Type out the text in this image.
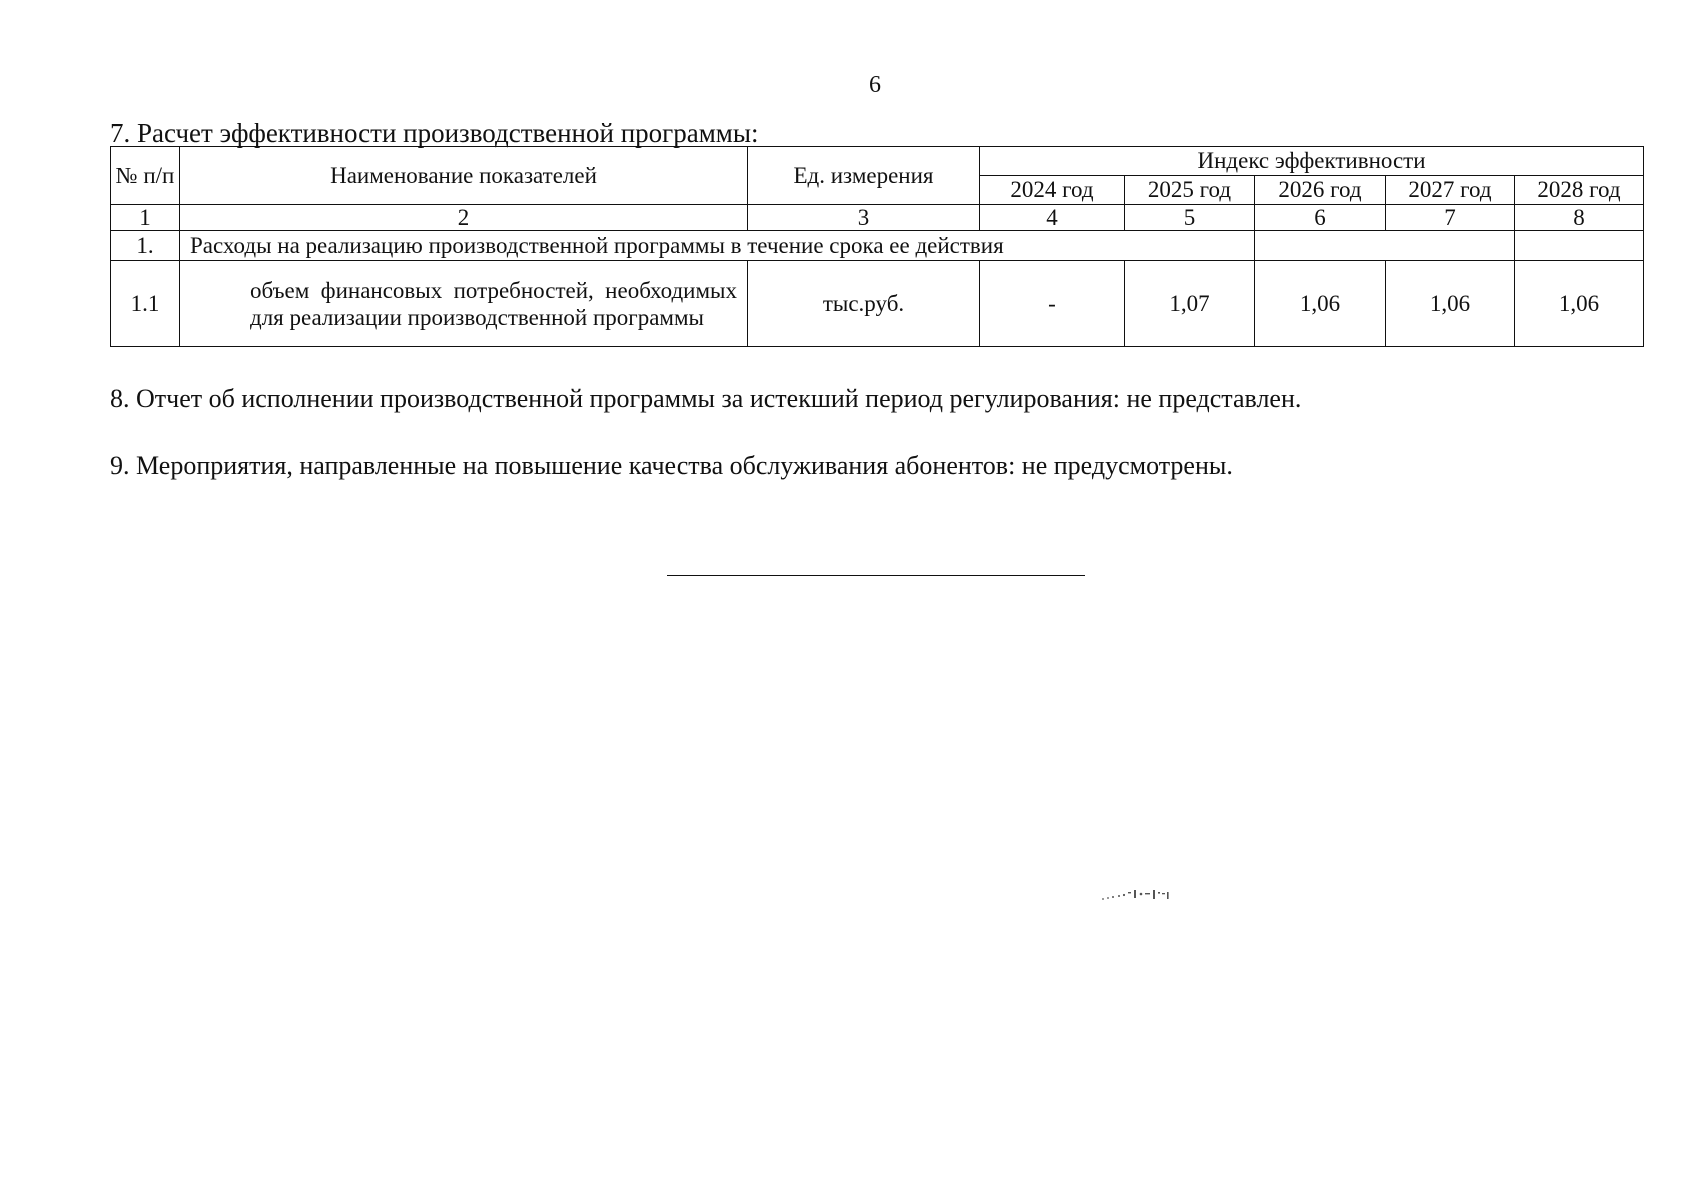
6
7. Расчет эффективности производственной программы:
№ п/п	Наименование показателей	Ед. измерения	Индекс эффективности				
			2024 год	2025 год	2026 год	2027 год	2028 год
1	2	3	4	5	6	7	8
1.	Расходы на реализацию производственной программы в течение срока ее действия						
1.1	объем финансовых потребностей, необходимых для реализации производственной программы	тыс.руб.	-	1,07	1,06	1,06	1,06
8. Отчет об исполнении производственной программы за истекший период регулирования: не представлен.
9. Мероприятия, направленные на повышение качества обслуживания абонентов: не предусмотрены.
